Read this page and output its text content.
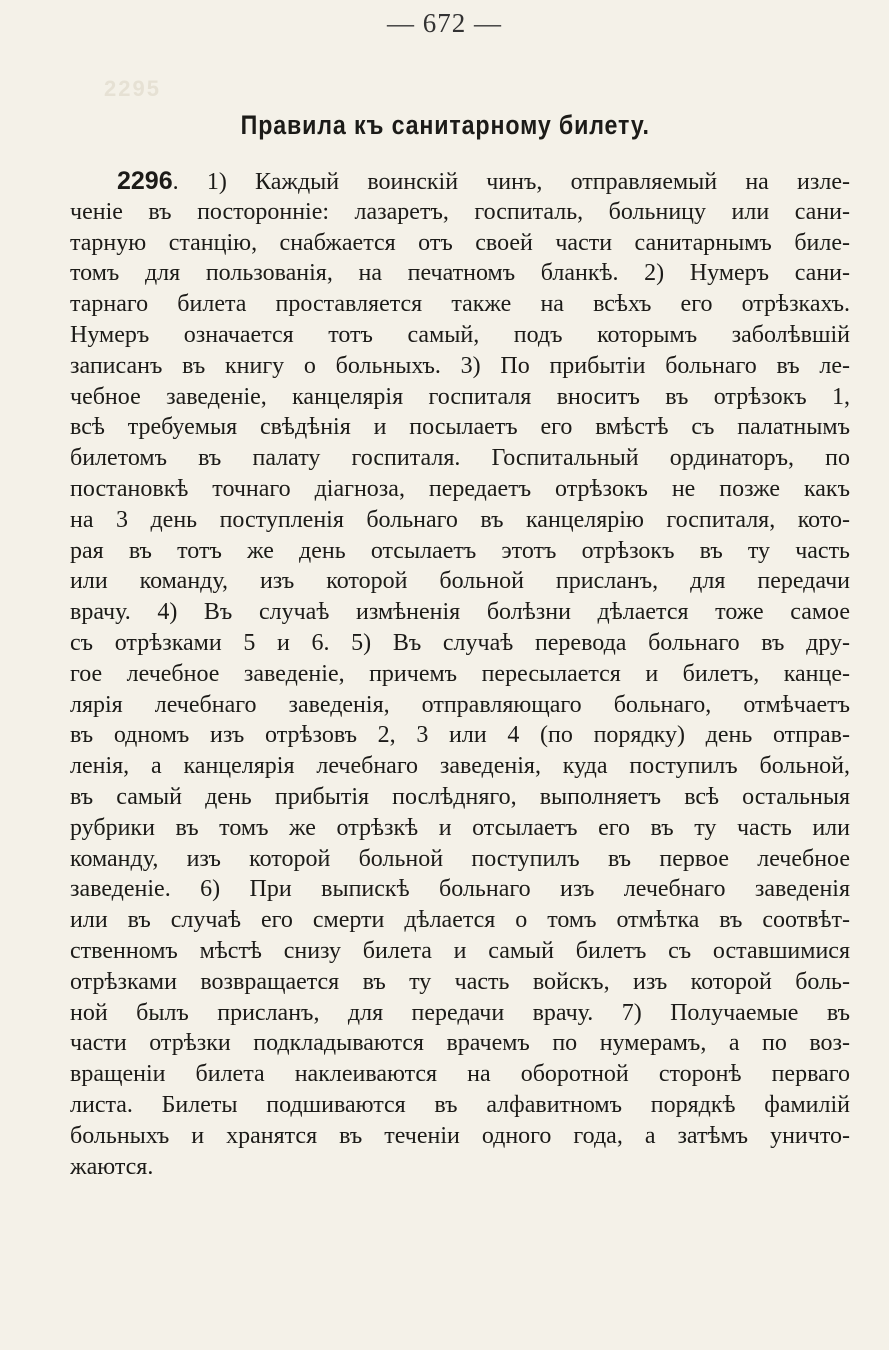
— 672 —
2295
Правила къ санитарному билету.
2296. 1) Каждый воинскій чинъ, отправляемый на изле-
ченіе въ посторонніе: лазаретъ, госпиталь, больницу или сани-
тарную станцію, снабжается отъ своей части санитарнымъ биле-
томъ для пользованія, на печатномъ бланкѣ. 2) Нумеръ сани-
тарнаго билета проставляется также на всѣхъ его отрѣзкахъ.
Нумеръ означается тотъ самый, подъ которымъ заболѣвшій
записанъ въ книгу о больныхъ. 3) По прибытіи больнаго въ ле-
чебное заведеніе, канцелярія госпиталя вноситъ въ отрѣзокъ 1,
всѣ требуемыя свѣдѣнія и посылаетъ его вмѣстѣ съ палатнымъ
билетомъ въ палату госпиталя. Госпитальный ординаторъ, по
постановкѣ точнаго діагноза, передаетъ отрѣзокъ не позже какъ
на 3 день поступленія больнаго въ канцелярію госпиталя, кото-
рая въ тотъ же день отсылаетъ этотъ отрѣзокъ въ ту часть
или команду, изъ которой больной присланъ, для передачи
врачу. 4) Въ случаѣ измѣненія болѣзни дѣлается тоже самое
съ отрѣзками 5 и 6. 5) Въ случаѣ перевода больнаго въ дру-
гое лечебное заведеніе, причемъ пересылается и билетъ, канце-
лярія лечебнаго заведенія, отправляющаго больнаго, отмѣчаетъ
въ одномъ изъ отрѣзовъ 2, 3 или 4 (по порядку) день отправ-
ленія, а канцелярія лечебнаго заведенія, куда поступилъ больной,
въ самый день прибытія послѣдняго, выполняетъ всѣ остальныя
рубрики въ томъ же отрѣзкѣ и отсылаетъ его въ ту часть или
команду, изъ которой больной поступилъ въ первое лечебное
заведеніе. 6) При выпискѣ больнаго изъ лечебнаго заведенія
или въ случаѣ его смерти дѣлается о томъ отмѣтка въ соотвѣт-
ственномъ мѣстѣ снизу билета и самый билетъ съ оставшимися
отрѣзками возвращается въ ту часть войскъ, изъ которой боль-
ной былъ присланъ, для передачи врачу. 7) Получаемые въ
части отрѣзки подкладываются врачемъ по нумерамъ, а по воз-
вращеніи билета наклеиваются на оборотной сторонѣ перваго
листа. Билеты подшиваются въ алфавитномъ порядкѣ фамилій
больныхъ и хранятся въ теченіи одного года, а затѣмъ уничто-
жаются.
